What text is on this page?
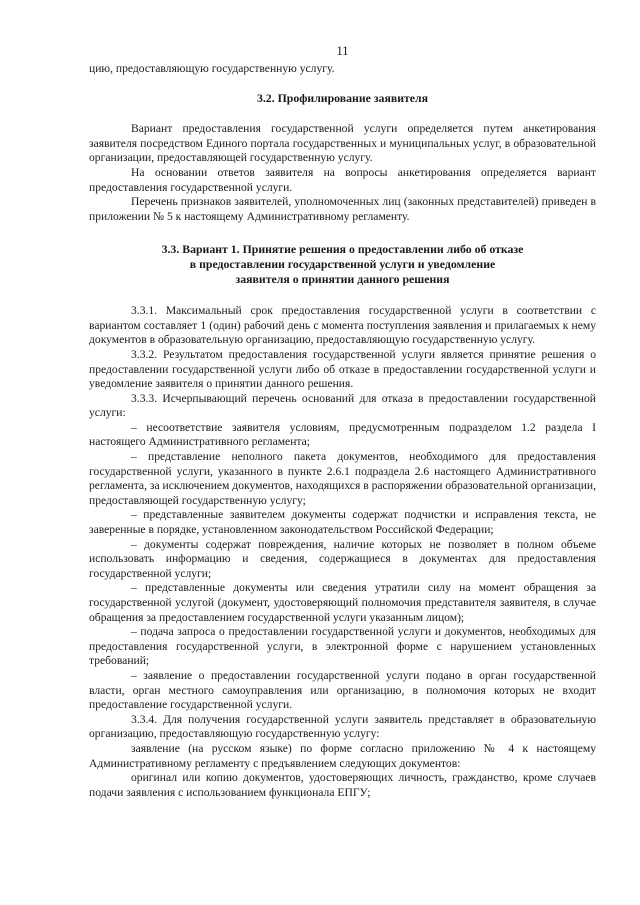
11

цию, предоставляющую государственную услугу.

3.2. Профилирование заявителя

Вариант предоставления государственной услуги определяется путем анкетирования заявителя посредством Единого портала государственных и муниципальных услуг, в образовательной организации, предоставляющей государственную услугу.

На основании ответов заявителя на вопросы анкетирования определяется вариант предоставления государственной услуги.

Перечень признаков заявителей, уполномоченных лиц (законных представителей) приведен в приложении № 5 к настоящему Административному регламенту.

3.3. Вариант 1. Принятие решения о предоставлении либо об отказе
в предоставлении государственной услуги и уведомление
заявителя о принятии данного решения

3.3.1. Максимальный срок предоставления государственной услуги в соответствии с вариантом составляет 1 (один) рабочий день с момента поступления заявления и прилагаемых к нему документов в образовательную организацию, предоставляющую государственную услугу.

3.3.2. Результатом предоставления государственной услуги является принятие решения о предоставлении государственной услуги либо об отказе в предоставлении государственной услуги и уведомление заявителя о принятии данного решения.

3.3.3. Исчерпывающий перечень оснований для отказа в предоставлении государственной услуги:

– несоответствие заявителя условиям, предусмотренным подразделом 1.2 раздела I настоящего Административного регламента;

– представление неполного пакета документов, необходимого для предоставления государственной услуги, указанного в пункте 2.6.1 подраздела 2.6 настоящего Административного регламента, за исключением документов, находящихся в распоряжении образовательной организации, предоставляющей государственную услугу;

– представленные заявителем документы содержат подчистки и исправления текста, не заверенные в порядке, установленном законодательством Российской Федерации;

– документы содержат повреждения, наличие которых не позволяет в полном объеме использовать информацию и сведения, содержащиеся в документах для предоставления государственной услуги;

– представленные документы или сведения утратили силу на момент обращения за государственной услугой (документ, удостоверяющий полномочия представителя заявителя, в случае обращения за предоставлением государственной услуги указанным лицом);

– подача запроса о предоставлении государственной услуги и документов, необходимых для предоставления государственной услуги, в электронной форме с нарушением установленных требований;

– заявление о предоставлении государственной услуги подано в орган государственной власти, орган местного самоуправления или организацию, в полномочия которых не входит предоставление государственной услуги.

3.3.4. Для получения государственной услуги заявитель представляет в образовательную организацию, предоставляющую государственную услугу:

заявление (на русском языке) по форме согласно приложению № 4 к настоящему Административному регламенту с предъявлением следующих документов:

оригинал или копию документов, удостоверяющих личность, гражданство, кроме случаев подачи заявления с использованием функционала ЕПГУ;
